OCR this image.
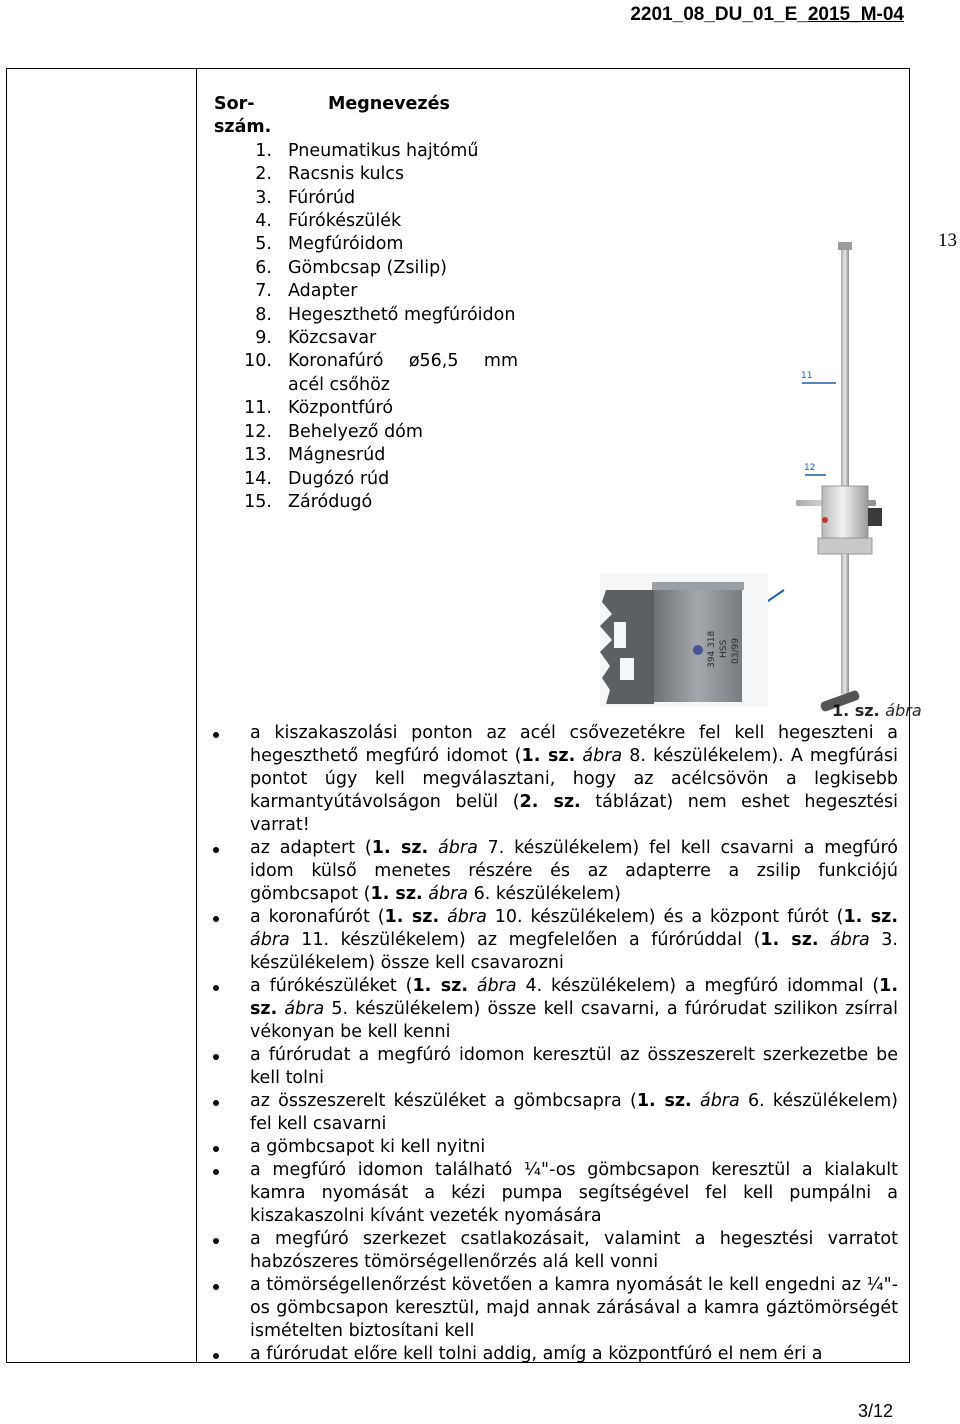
2201_08_DU_01_E_2015_M-04
13
Sor-szám.	Megnevezés
1.	Pneumatikus hajtómű
2.	Racsnis kulcs
3.	Fúrórúd
4.	Fúrókészülék
5.	Megfúróidom
6.	Gömbcsap (Zsilip)
7.	Adapter
8.	Hegeszthető megfúróidon
9.	Közcsavar
10.	Koronafúró ø56,5 mm acél csőhöz
11.	Központfúró
12.	Behelyező dóm
13.	Mágnesrúd
14.	Dugózó rúd
15.	Záródugó
11
12
394 318 HSS 03/99
1. sz. ábra
a kiszakaszolási ponton az acél csővezetékre fel kell hegeszteni a hegeszthető megfúró idomot (1. sz. ábra 8. készülékelem). A megfúrási pontot úgy kell megválasztani, hogy az acélcsövön a legkisebb karmantyútávolságon belül (2. sz. táblázat) nem eshet hegesztési varrat!
az adaptert (1. sz. ábra 7. készülékelem) fel kell csavarni a megfúró idom külső menetes részére és az adapterre a zsilip funkciójú gömbcsapot (1. sz. ábra 6. készülékelem)
a koronafúrót (1. sz. ábra 10. készülékelem) és a központ fúrót (1. sz. ábra 11. készülékelem) az megfelelően a fúrórúddal (1. sz. ábra 3. készülékelem) össze kell csavarozni
a fúrókészüléket (1. sz. ábra 4. készülékelem) a megfúró idommal (1. sz. ábra 5. készülékelem) össze kell csavarni, a fúrórudat szilikon zsírral vékonyan be kell kenni
a fúrórudat a megfúró idomon keresztül az összeszerelt szerkezetbe be kell tolni
az összeszerelt készüléket a gömbcsapra (1. sz. ábra 6. készülékelem) fel kell csavarni
a gömbcsapot ki kell nyitni
a megfúró idomon található ¼"-os gömbcsapon keresztül a kialakult kamra nyomását a kézi pumpa segítségével fel kell pumpálni a kiszakaszolni kívánt vezeték nyomására
a megfúró szerkezet csatlakozásait, valamint a hegesztési varratot habzószeres tömörségellenőrzés alá kell vonni
a tömörségellenőrzést követően a kamra nyomását le kell engedni az ¼"-os gömbcsapon keresztül, majd annak zárásával a kamra gáztömörségét ismételten biztosítani kell
a fúrórudat előre kell tolni addig, amíg a központfúró el nem éri a
3/12
